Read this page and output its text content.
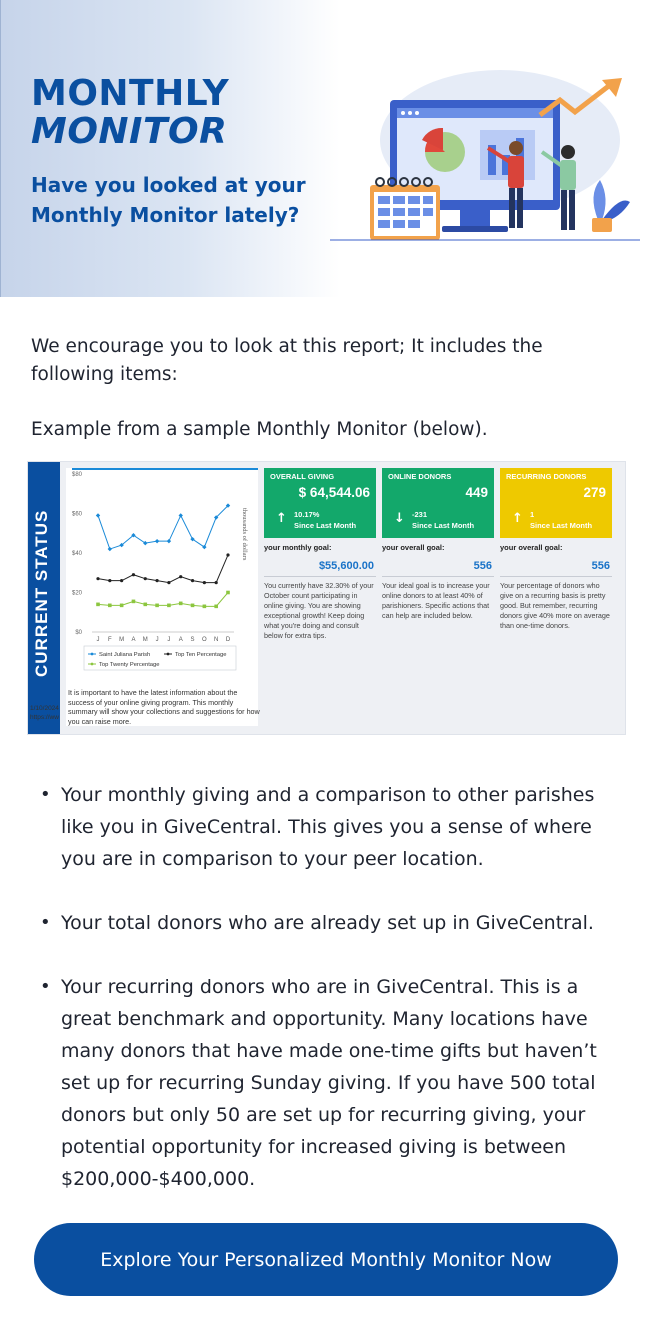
MONTHLY
MONITOR
Have you looked at your Monthly Monitor lately?

We encourage you to look at this report; It includes the following items:

Example from a sample Monthly Monitor (below).

CURRENT STATUS
$80
$60
$40
$20
$0
J F M A M J J A S O N D
thousands of dollars
Saint Juliana Parish	Top Ten Percentage
Top Twenty Percentage
It is important to have the latest information about the success of your online giving program. This monthly summary will show your collections and suggestions for how you can raise more.
1/10/2024
https://ww
OVERALL GIVING
$ 64,544.06
↑ 10.17%
Since Last Month
your monthly goal:
$55,600.00
You currently have 32.30% of your October count participating in online giving. You are showing exceptional growth! Keep doing what you're doing and consult below for extra tips.
ONLINE DONORS
449
↓ -231
Since Last Month
your overall goal:
556
Your ideal goal is to increase your online donors to at least 40% of parishioners. Specific actions that can help are included below.
RECURRING DONORS
279
↑ 1
Since Last Month
your overall goal:
556
Your percentage of donors who give on a recurring basis is pretty good. But remember, recurring donors give 40% more on average than one-time donors.
• Your monthly giving and a comparison to other parishes like you in GiveCentral. This gives you a sense of where you are in comparison to your peer location.
• Your total donors who are already set up in GiveCentral.
• Your recurring donors who are in GiveCentral. This is a great benchmark and opportunity. Many locations have many donors that have made one-time gifts but haven’t set up for recurring Sunday giving. If you have 500 total donors but only 50 are set up for recurring giving, your potential opportunity for increased giving is between $200,000-$400,000.
Explore Your Personalized Monthly Monitor Now
